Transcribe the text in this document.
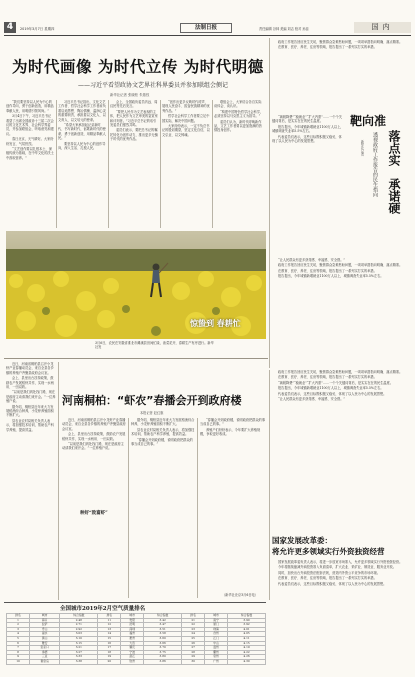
4	2019年3月7日 星期四	法制日报	责任编辑 谷林 美编 刘志 校对 孙蕊	国内
为时代画像 为时代立传 为时代明德
——习近平看望政协文艺界社科界委员并参加联组会侧记
新华社记者 张晓松 朱基钗

“我们要坚持以人民为中心的创作导向，勇于创新创造，用精品奉献人民，用明德引领风尚。”

3月4日下午，习近平总书记看望了出席全国政协十三届二次会议的文化艺术界、社会科学界委员，并参加联组会，听取意见和建议。

春日北京，天气晴好。大家纷纷发言，气氛热烈。

“文艺创作要以扎根本土、深植传统为基础，在中华文化的沃土中汲取营养。”

习近平总书记指出，文化文艺工作者、哲学社会科学工作者肩负着启迪思想、陶冶情操、温润心灵的重要职责，承担着以文化人、以文育人、以文培元的使命。

“希望大家承担起记录新时代、书写新时代、讴歌新时代的使命，勇于创新创造，用精品奉献人民。”

要坚持以人民为中心的创作导向，深入生活、扎根人民。

会上，全国政协委员冯远、周汉民等先后发言。

“要把人民作为文艺表现的主体，把人民作为文艺审美的鉴赏家和评判者。”习近平总书记的话引发委员们强烈共鸣。

委员们表示，要把总书记的嘱托转化为创作动力，推出更多无愧于时代的优秀作品。

“创作出更多反映时代呼声、展现人民奋斗、振奋民族精神的优秀作品。”

哲学社会科学工作者要立足中国实际，解决中国问题。

大家纷纷表示，一定不负总书记的殷切期望，坚定文化自信，以文弘业、以文铸魂。

联组会上，大家结合各自实际谈体会、谈认识。

“构建中国特色哲学社会科学，必须坚持以马克思主义为指导。”

委员们认为，新时代呼唤新作品，文艺工作者要以更加饱满的热情投身创作。

惊蛰到 春耕忙
3月6日，农民在安徽省淮北市濉溪县田间忙碌，油菜花开，春耕生产有序进行。新华社发

政府工作报告回应民生关切，聚焦群众急难愁盼问题，一项项举措指向明确、落点精准。

在教育、医疗、养老、住房等领域，报告提出了一系列实打实的举措。

靶向准
落点实
承诺硬
透视政府工作报告的民生指向
新华社记者

“减税降费”“稳就业”“扩大内需”……一个个关键词背后，是实实在在的民生温度。

报告提出，今年城镇新增就业1100万人以上，城镇调查失业率5.5%左右。

代表委员们表示，这些目标既积极又稳妥，体现了以人民为中心的发展思想。

“让人民群众有更多获得感、幸福感、安全感。”

政府工作报告回应民生关切，聚焦群众急难愁盼问题，一项项举措指向明确、落点精准。

在教育、医疗、养老、住房等领域，报告提出了一系列实打实的举措。

报告提出，今年城镇新增就业1100万人以上，城镇调查失业率5.5%左右。

近日，河南省桐柏县召开小龙虾产业春播动员会，来自全县各乡镇的养殖户齐聚县政府会议室。

会上，县里出台扶持政策，鼓励农户发展稻虾共作，实现一水两用、一田双收。

“以前是我们到处找门路，现在是政府主动请我们来开会。”一位养殖户说。

据介绍，桐柏县近年来大力发展稻渔综合种养，小龙虾养殖面积不断扩大。

县农业农村局相关负责人表示，将加强技术培训，帮助农户科学养殖，提高效益。

河南桐柏：“虾农”春播会开到政府楼
本报记者 赵红旗

近日，河南省桐柏县召开小龙虾产业春播动员会，来自全县各乡镇的养殖户齐聚县政府会议室。

会上，县里出台扶持政策，鼓励农户发展稻虾共作，实现一水两用、一田双收。

“以前是我们到处找门路，现在是政府主动请我们来开会。”一位养殖户说。

种好“致富虾”

据介绍，桐柏县近年来大力发展稻渔综合种养，小龙虾养殖面积不断扩大。

县农业农村局相关负责人表示，将加强技术培训，帮助农户科学养殖，提高效益。

“春播会开到政府楼，说明政府把群众的事当成自己的事。”

“春播会开到政府楼，说明政府把群众的事当成自己的事。”

养殖户们纷纷表示，今年要扩大养殖规模，争取更好收成。

（新华社北京3月6日电）

政府工作报告回应民生关切，聚焦群众急难愁盼问题，一项项举措指向明确、落点精准。

在教育、医疗、养老、住房等领域，报告提出了一系列实打实的举措。

“减税降费”“稳就业”“扩大内需”……一个个关键词背后，是实实在在的民生温度。

报告提出，今年城镇新增就业1100万人以上，城镇调查失业率5.5%左右。

代表委员们表示，这些目标既积极又稳妥，体现了以人民为中心的发展思想。

“让人民群众有更多获得感、幸福感、安全感。”

国家发展改革委：
将允许更多领域实行外资独资经营

国家发展改革委负责人表示，将进一步放宽市场准入，允许更多领域实行外资独资经营。

今年将继续缩减外商投资准入负面清单，扩大农业、采矿业、制造业、服务业开放。

同时，加快出台外商投资法配套法规，营造内外资公平竞争的市场环境。

在教育、医疗、养老、住房等领域，报告提出了一系列实打实的举措。

代表委员们表示，这些目标既积极又稳妥，体现了以人民为中心的发展思想。

全国城市2019年2月空气质量排名
排名	城市	综合指数	排名	城市	综合指数	排名	城市	综合指数
1	海口	2.48	11	贵阳	3.42	21	南宁	3.90
2	拉萨	2.71	12	昆明	3.47	22	厦门	3.92
3	舟山	2.92	13	深圳	3.51	23	珠海	4.01
4	丽水	3.03	14	福州	3.58	24	台州	4.05
5	黄山	3.10	15	惠州	3.60	25	江门	4.11
6	雅安	3.15	16	大连	3.66	26	中山	4.15
7	张家口	3.21	17	肇庆	3.70	27	温州	4.19
8	承德	3.27	18	宁波	3.75	28	衢州	4.22
9	三亚	3.33	19	湛江	3.80	29	泉州	4.26
10	秦皇岛	3.38	20	钦州	3.86	30	广州	4.30
